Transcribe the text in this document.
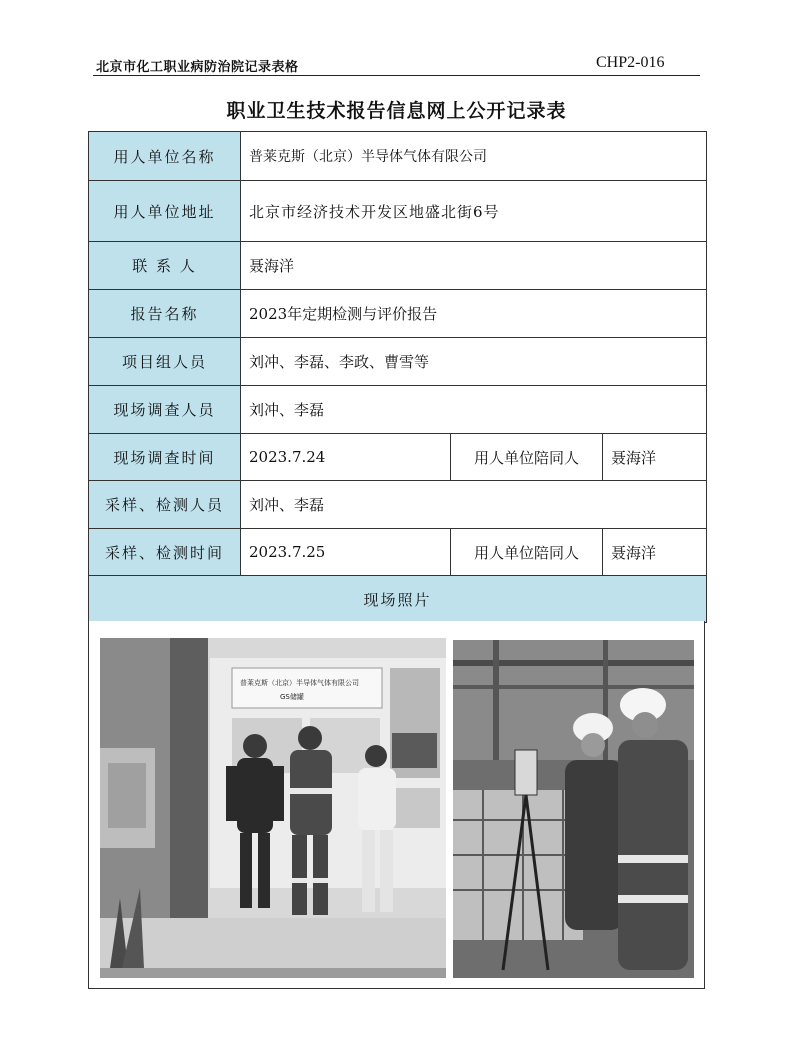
北京市化工职业病防治院记录表格	CHP2-016
职业卫生技术报告信息网上公开记录表
用人单位名称	普莱克斯（北京）半导体气体有限公司		
用人单位地址	北京市经济技术开发区地盛北街6号		
联 系 人	聂海洋		
报告名称	2023年定期检测与评价报告		
项目组人员	刘冲、李磊、李政、曹雪等		
现场调查人员	刘冲、李磊		
现场调查时间	2023.7.24	用人单位陪同人	聂海洋
采样、检测人员	刘冲、李磊		
采样、检测时间	2023.7.25	用人单位陪同人	聂海洋
现场照片			
普莱克斯（北京）半导体气体有限公司
GS储罐
